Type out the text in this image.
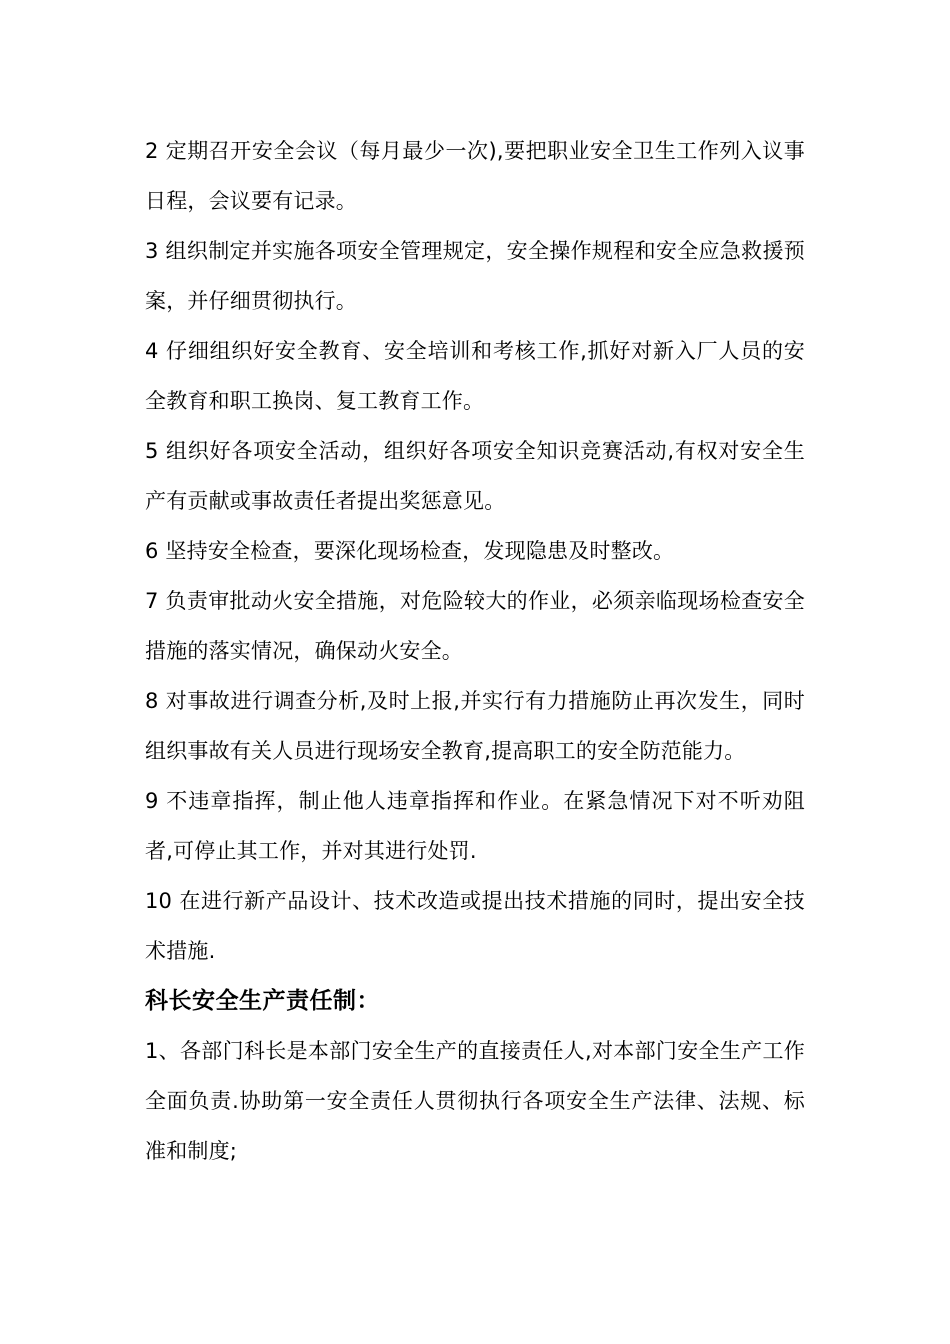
2 定期召开安全会议（每月最少一次),要把职业安全卫生工作列入议事日程，会议要有记录。

3 组织制定并实施各项安全管理规定，安全操作规程和安全应急救援预案，并仔细贯彻执行。

4 仔细组织好安全教育、安全培训和考核工作,抓好对新入厂人员的安全教育和职工换岗、复工教育工作。

5 组织好各项安全活动，组织好各项安全知识竞赛活动,有权对安全生产有贡献或事故责任者提出奖惩意见。

6 坚持安全检查，要深化现场检查，发现隐患及时整改。

7 负责审批动火安全措施，对危险较大的作业，必须亲临现场检查安全措施的落实情况，确保动火安全。

8 对事故进行调查分析,及时上报,并实行有力措施防止再次发生，同时组织事故有关人员进行现场安全教育,提高职工的安全防范能力。

9 不违章指挥，制止他人违章指挥和作业。在紧急情况下对不听劝阻者,可停止其工作，并对其进行处罚.

10 在进行新产品设计、技术改造或提出技术措施的同时，提出安全技术措施.

科长安全生产责任制：

1、各部门科长是本部门安全生产的直接责任人,对本部门安全生产工作全面负责.协助第一安全责任人贯彻执行各项安全生产法律、法规、标准和制度;
